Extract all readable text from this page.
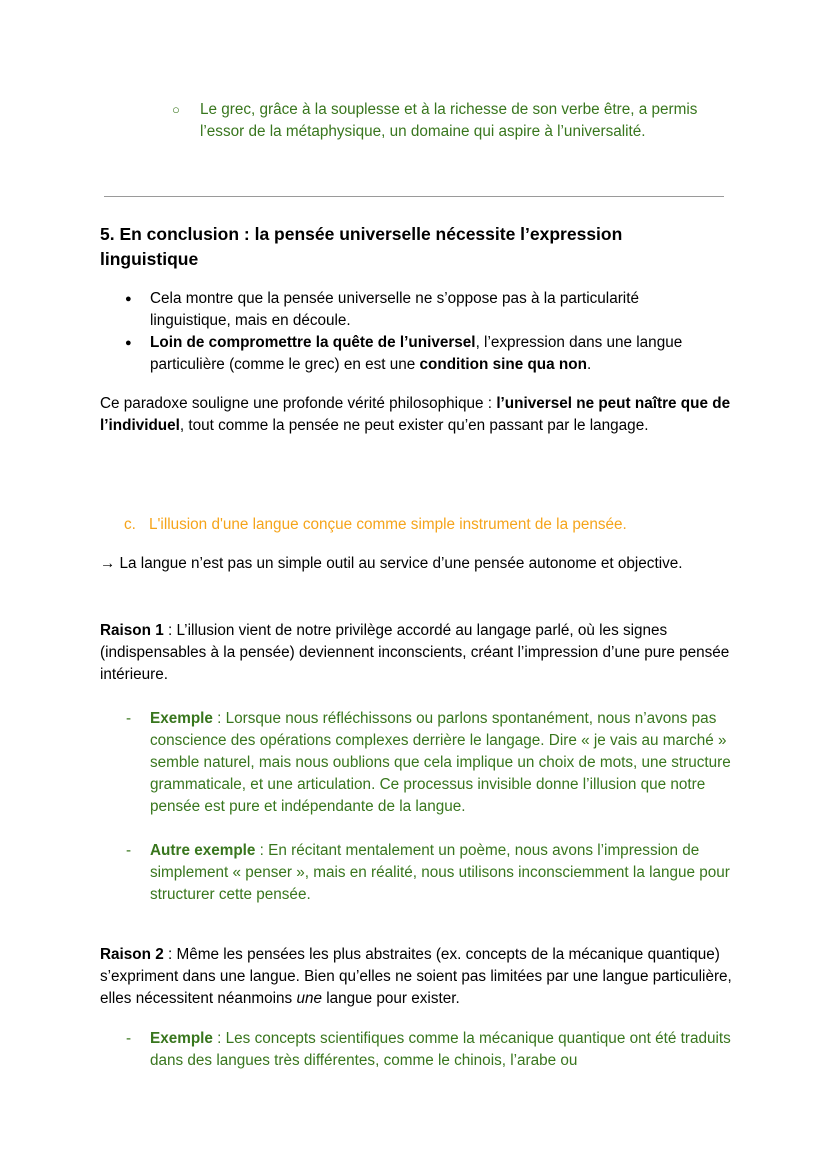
○ Le grec, grâce à la souplesse et à la richesse de son verbe être, a permis l’essor de la métaphysique, un domaine qui aspire à l’universalité.

5. En conclusion : la pensée universelle nécessite l’expression linguistique
● Cela montre que la pensée universelle ne s’oppose pas à la particularité linguistique, mais en découle.

● Loin de compromettre la quête de l’universel, l’expression dans une langue particulière (comme le grec) en est une condition sine qua non.

Ce paradoxe souligne une profonde vérité philosophique : l’universel ne peut naître que de l’individuel, tout comme la pensée ne peut exister qu’en passant par le langage.

c. L'illusion d'une langue conçue comme simple instrument de la pensée.

→ La langue n’est pas un simple outil au service d’une pensée autonome et objective.

Raison 1 : L’illusion vient de notre privilège accordé au langage parlé, où les signes (indispensables à la pensée) deviennent inconscients, créant l’impression d’une pure pensée intérieure.

- Exemple : Lorsque nous réfléchissons ou parlons spontanément, nous n’avons pas conscience des opérations complexes derrière le langage. Dire « je vais au marché » semble naturel, mais nous oublions que cela implique un choix de mots, une structure grammaticale, et une articulation. Ce processus invisible donne l’illusion que notre pensée est pure et indépendante de la langue.

- Autre exemple : En récitant mentalement un poème, nous avons l’impression de simplement « penser », mais en réalité, nous utilisons inconsciemment la langue pour structurer cette pensée.

Raison 2 : Même les pensées les plus abstraites (ex. concepts de la mécanique quantique) s’expriment dans une langue. Bien qu’elles ne soient pas limitées par une langue particulière, elles nécessitent néanmoins une langue pour exister.

- Exemple : Les concepts scientifiques comme la mécanique quantique ont été traduits dans des langues très différentes, comme le chinois, l’arabe ou
